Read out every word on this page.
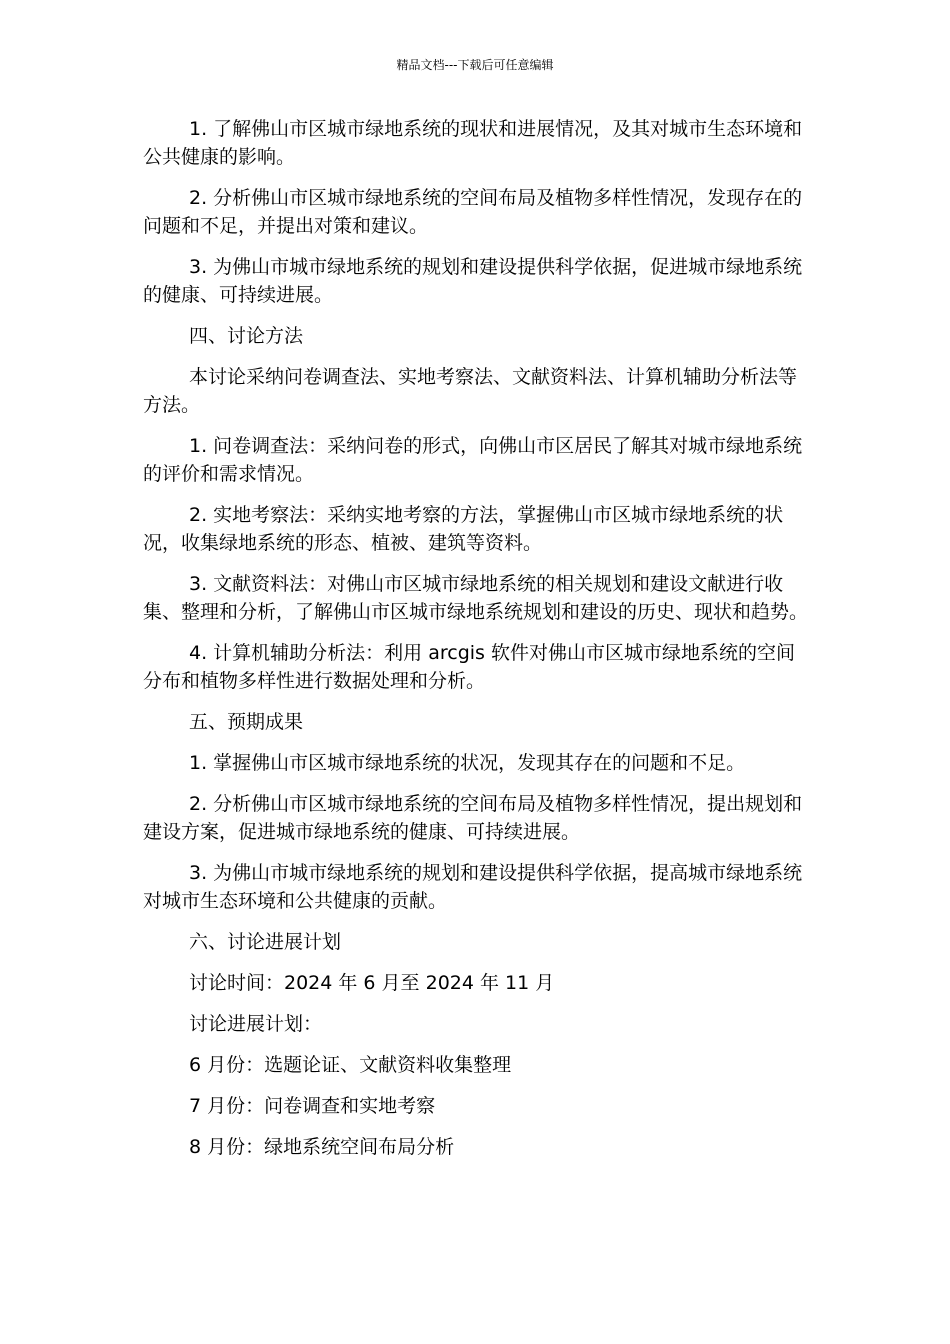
精品文档---下载后可任意编辑

1. 了解佛山市区城市绿地系统的现状和进展情况，及其对城市生态环境和公共健康的影响。

2. 分析佛山市区城市绿地系统的空间布局及植物多样性情况，发现存在的问题和不足，并提出对策和建议。

3. 为佛山市城市绿地系统的规划和建设提供科学依据，促进城市绿地系统的健康、可持续进展。

四、讨论方法

本讨论采纳问卷调查法、实地考察法、文献资料法、计算机辅助分析法等方法。

1. 问卷调查法：采纳问卷的形式，向佛山市区居民了解其对城市绿地系统的评价和需求情况。

2. 实地考察法：采纳实地考察的方法，掌握佛山市区城市绿地系统的状况，收集绿地系统的形态、植被、建筑等资料。

3. 文献资料法：对佛山市区城市绿地系统的相关规划和建设文献进行收集、整理和分析，了解佛山市区城市绿地系统规划和建设的历史、现状和趋势。

4. 计算机辅助分析法：利用 arcgis 软件对佛山市区城市绿地系统的空间分布和植物多样性进行数据处理和分析。

五、预期成果

1. 掌握佛山市区城市绿地系统的状况，发现其存在的问题和不足。

2. 分析佛山市区城市绿地系统的空间布局及植物多样性情况，提出规划和建设方案，促进城市绿地系统的健康、可持续进展。

3. 为佛山市城市绿地系统的规划和建设提供科学依据，提高城市绿地系统对城市生态环境和公共健康的贡献。

六、讨论进展计划

讨论时间：2024 年 6 月至 2024 年 11 月

讨论进展计划：

6 月份：选题论证、文献资料收集整理

7 月份：问卷调查和实地考察

8 月份：绿地系统空间布局分析
